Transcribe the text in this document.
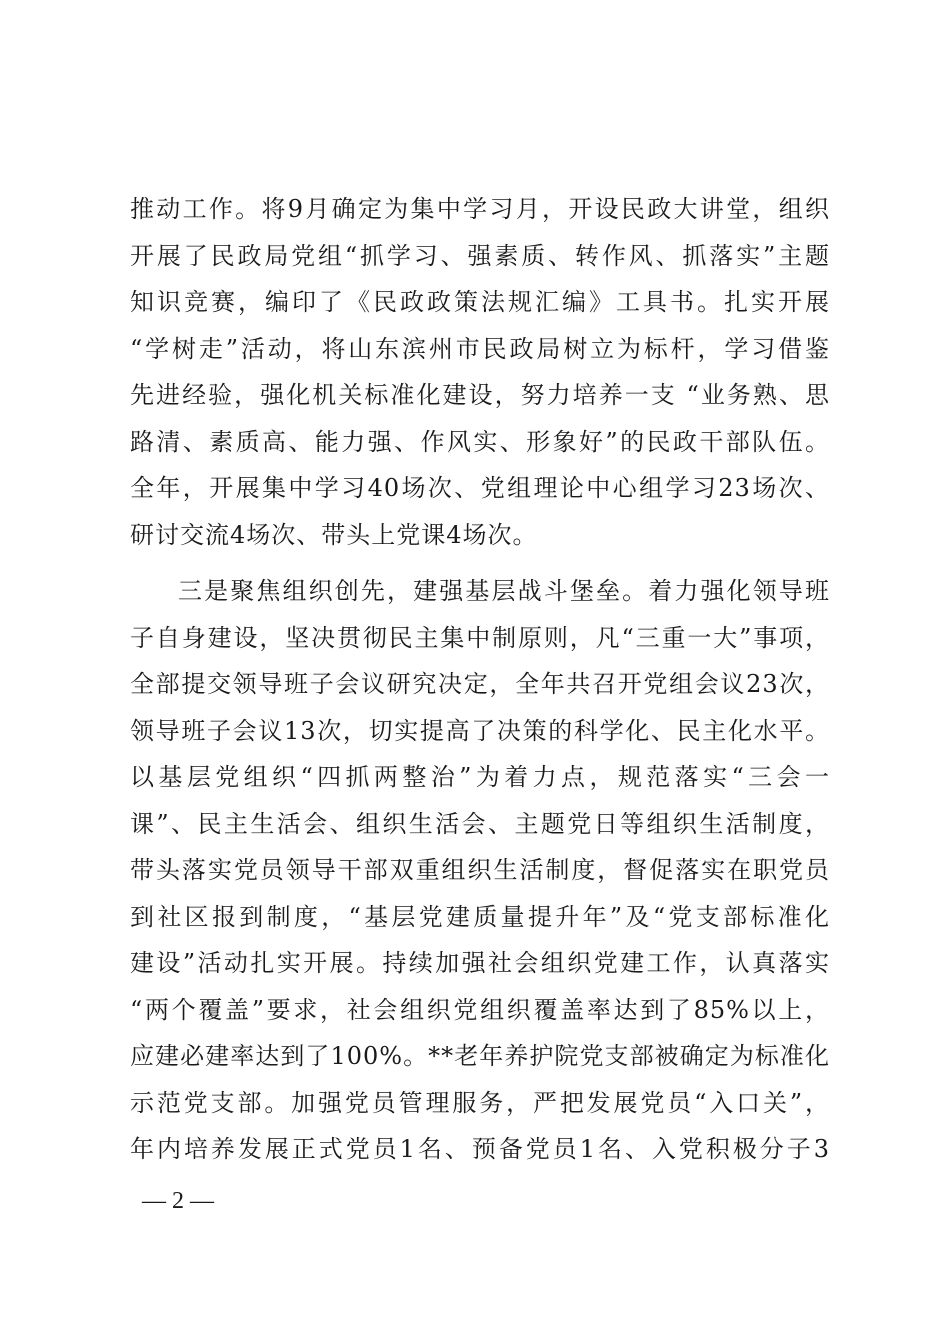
推动工作。将9月确定为集中学习月，开设民政大讲堂，组织
开展了民政局党组“抓学习、强素质、转作风、抓落实”主题
知识竞赛，编印了《民政政策法规汇编》工具书。扎实开展
“学树走”活动，将山东滨州市民政局树立为标杆，学习借鉴
先进经验，强化机关标准化建设，努力培养一支 “业务熟、思
路清、素质高、能力强、作风实、形象好”的民政干部队伍。
全年，开展集中学习40场次、党组理论中心组学习23场次、
研讨交流4场次、带头上党课4场次。
三是聚焦组织创先，建强基层战斗堡垒。着力强化领导班
子自身建设，坚决贯彻民主集中制原则，凡“三重一大”事项，
全部提交领导班子会议研究决定，全年共召开党组会议23次，
领导班子会议13次，切实提高了决策的科学化、民主化水平。
以基层党组织“四抓两整治”为着力点，规范落实“三会一
课”、民主生活会、组织生活会、主题党日等组织生活制度，
带头落实党员领导干部双重组织生活制度，督促落实在职党员
到社区报到制度，“基层党建质量提升年”及“党支部标准化
建设”活动扎实开展。持续加强社会组织党建工作，认真落实
“两个覆盖”要求，社会组织党组织覆盖率达到了85%以上，
应建必建率达到了100%。**老年养护院党支部被确定为标准化
示范党支部。加强党员管理服务，严把发展党员“入口关”，
年内培养发展正式党员1名、预备党员1名、入党积极分子3
— 2 —
